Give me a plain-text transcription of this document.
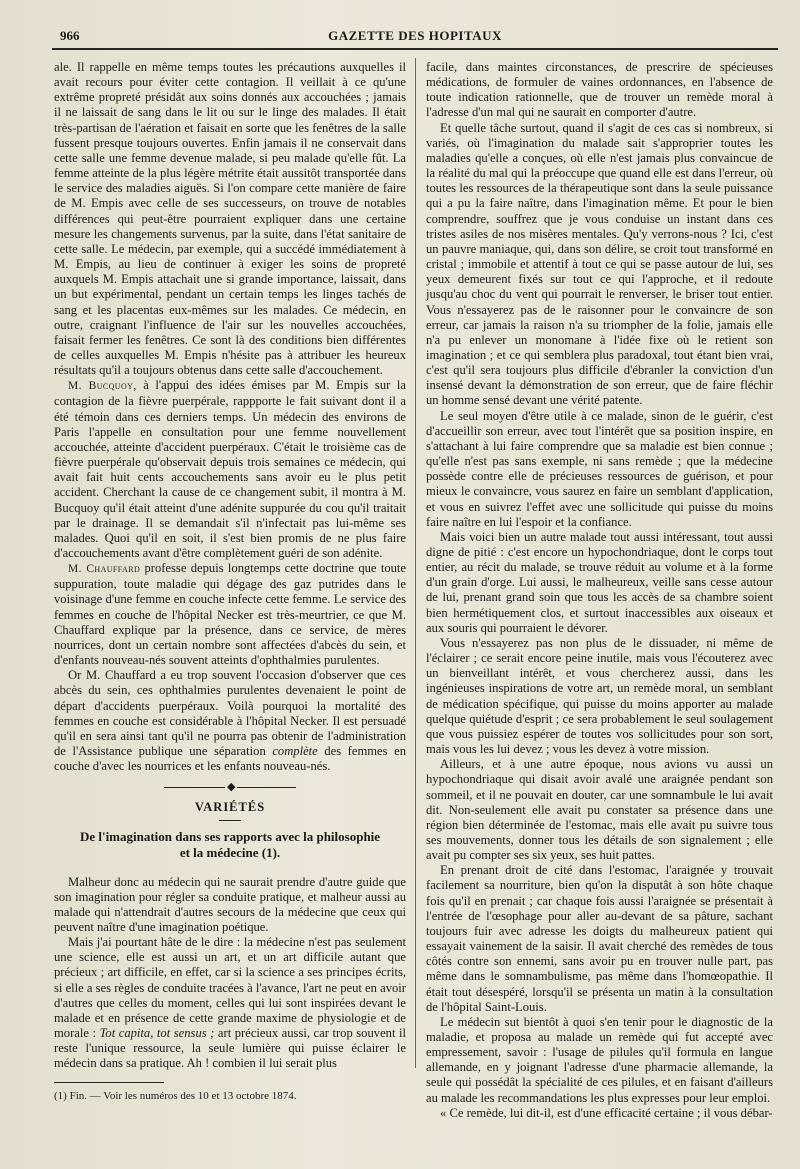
966	GAZETTE DES HOPITAUX

ale. Il rappelle en même temps toutes les précautions auxquelles il avait recours pour éviter cette contagion. Il veillait à ce qu'une extrême propreté présidât aux soins donnés aux accouchées ; jamais il ne laissait de sang dans le lit ou sur le linge des malades. Il était très-partisan de l'aération et faisait en sorte que les fenêtres de la salle fussent presque toujours ouvertes. Enfin jamais il ne conservait dans cette salle une femme devenue malade, si peu malade qu'elle fût. La femme atteinte de la plus légère métrite était aussitôt transportée dans le service des maladies aiguës. Si l'on compare cette manière de faire de M. Empis avec celle de ses successeurs, on trouve de notables différences qui peut-être pourraient expliquer dans une certaine mesure les changements survenus, par la suite, dans l'état sanitaire de cette salle. Le médecin, par exemple, qui a succédé immédiatement à M. Empis, au lieu de continuer à exiger les soins de propreté auxquels M. Empis attachait une si grande importance, laissait, dans un but expérimental, pendant un certain temps les linges tachés de sang et les placentas eux-mêmes sur les malades. Ce médecin, en outre, craignant l'influence de l'air sur les nouvelles accouchées, faisait fermer les fenêtres. Ce sont là des conditions bien différentes de celles auxquelles M. Empis n'hésite pas à attribuer les heureux résultats qu'il a toujours obtenus dans cette salle d'accouchement.

M. Bucquoy, à l'appui des idées émises par M. Empis sur la contagion de la fièvre puerpérale, rappporte le fait suivant dont il a été témoin dans ces derniers temps. Un médecin des environs de Paris l'appelle en consultation pour une femme nouvellement accouchée, atteinte d'accident puerpéraux. C'était le troisième cas de fièvre puerpérale qu'observait depuis trois semaines ce médecin, qui avait fait huit cents accouchements sans avoir eu le plus petit accident. Cherchant la cause de ce changement subit, il montra à M. Bucquoy qu'il était atteint d'une adénite suppurée du cou qu'il traitait par le drainage. Il se demandait s'il n'infectait pas lui-même ses malades. Quoi qu'il en soit, il s'est bien promis de ne plus faire d'accouchements avant d'être complètement guéri de son adénite.

M. Chauffard professe depuis longtemps cette doctrine que toute suppuration, toute maladie qui dégage des gaz putrides dans le voisinage d'une femme en couche infecte cette femme. Le service des femmes en couche de l'hôpital Necker est très-meurtrier, ce que M. Chauffard explique par la présence, dans ce service, de mères nourrices, dont un certain nombre sont affectées d'abcès du sein, et d'enfants nouveau-nés souvent atteints d'ophthalmies purulentes.

Or M. Chauffard a eu trop souvent l'occasion d'observer que ces abcès du sein, ces ophthalmies purulentes devenaient le point de départ d'accidents puerpéraux. Voilà pourquoi la mortalité des femmes en couche est considérable à l'hôpital Necker. Il est persuadé qu'il en sera ainsi tant qu'il ne pourra pas obtenir de l'administration de l'Assistance publique une séparation complète des femmes en couche d'avec les nourrices et les enfants nouveau-nés.

◆
VARIÉTÉS
De l'imagination dans ses rapports avec la philosophie
et la médecine (1).

Malheur donc au médecin qui ne saurait prendre d'autre guide que son imagination pour régler sa conduite pratique, et malheur aussi au malade qui n'attendrait d'autres secours de la médecine que ceux qui peuvent naître d'une imagination poétique.

Mais j'ai pourtant hâte de le dire : la médecine n'est pas seulement une science, elle est aussi un art, et un art difficile autant que précieux ; art difficile, en effet, car si la science a ses principes écrits, si elle a ses règles de conduite tracées à l'avance, l'art ne peut en avoir d'autres que celles du moment, celles qui lui sont inspirées devant le malade et en présence de cette grande maxime de physiologie et de morale : Tot capita, tot sensus ; art précieux aussi, car trop souvent il reste l'unique ressource, la seule lumière qui puisse éclairer le médecin dans sa pratique. Ah ! combien il lui serait plus

(1) Fin. — Voir les numéros des 10 et 13 octobre 1874.

facile, dans maintes circonstances, de prescrire de spécieuses médications, de formuler de vaines ordonnances, en l'absence de toute indication rationnelle, que de trouver un remède moral à l'adresse d'un mal qui ne saurait en comporter d'autre.

Et quelle tâche surtout, quand il s'agit de ces cas si nombreux, si variés, où l'imagination du malade sait s'approprier toutes les maladies qu'elle a conçues, où elle n'est jamais plus convaincue de la réalité du mal qui la préoccupe que quand elle est dans l'erreur, où toutes les ressources de la thérapeutique sont dans la seule puissance qui a pu la faire naître, dans l'imagination même. Et pour le bien comprendre, souffrez que je vous conduise un instant dans ces tristes asiles de nos misères mentales. Qu'y verrons-nous ? Ici, c'est un pauvre maniaque, qui, dans son délire, se croit tout transformé en cristal ; immobile et attentif à tout ce qui se passe autour de lui, ses yeux demeurent fixés sur tout ce qui l'approche, et il redoute jusqu'au choc du vent qui pourrait le renverser, le briser tout entier. Vous n'essayerez pas de le raisonner pour le convaincre de son erreur, car jamais la raison n'a su triompher de la folie, jamais elle n'a pu enlever un monomane à l'idée fixe où le retient son imagination ; et ce qui semblera plus paradoxal, tout étant bien vrai, c'est qu'il sera toujours plus difficile d'ébranler la conviction d'un insensé devant la démonstration de son erreur, que de faire fléchir un homme sensé devant une vérité patente.

Le seul moyen d'être utile à ce malade, sinon de le guérir, c'est d'accueillir son erreur, avec tout l'intérêt que sa position inspire, en s'attachant à lui faire comprendre que sa maladie est bien connue ; qu'elle n'est pas sans exemple, ni sans remède ; que la médecine possède contre elle de précieuses ressources de guérison, et pour mieux le convaincre, vous saurez en faire un semblant d'application, et vous en suivrez l'effet avec une sollicitude qui puisse du moins faire naître en lui l'espoir et la confiance.

Mais voici bien un autre malade tout aussi intéressant, tout aussi digne de pitié : c'est encore un hypochondriaque, dont le corps tout entier, au récit du malade, se trouve réduit au volume et à la forme d'un grain d'orge. Lui aussi, le malheureux, veille sans cesse autour de lui, prenant grand soin que tous les accès de sa chambre soient bien hermétiquement clos, et surtout inaccessibles aux oiseaux et aux souris qui pourraient le dévorer.

Vous n'essayerez pas non plus de le dissuader, ni même de l'éclairer ; ce serait encore peine inutile, mais vous l'écouterez avec un bienveillant intérêt, et vous chercherez aussi, dans les ingénieuses inspirations de votre art, un remède moral, un semblant de médication spécifique, qui puisse du moins apporter au malade quelque quiétude d'esprit ; ce sera probablement le seul soulagement que vous puissiez espérer de toutes vos sollicitudes pour son sort, mais vous les lui devez ; vous les devez à votre mission.

Ailleurs, et à une autre époque, nous avions vu aussi un hypochondriaque qui disait avoir avalé une araignée pendant son sommeil, et il ne pouvait en douter, car une somnambule le lui avait dit. Non-seulement elle avait pu constater sa présence dans une région bien déterminée de l'estomac, mais elle avait pu suivre tous ses mouvements, donner tous les détails de son signalement ; elle avait pu compter ses six yeux, ses huit pattes.

En prenant droit de cité dans l'estomac, l'araignée y trouvait facilement sa nourriture, bien qu'on la disputât à son hôte chaque fois qu'il en prenait ; car chaque fois aussi l'araignée se présentait à l'entrée de l'œsophage pour aller au-devant de sa pâture, sachant toujours fuir avec adresse les doigts du malheureux patient qui essayait vainement de la saisir. Il avait cherché des remèdes de tous côtés contre son ennemi, sans avoir pu en trouver nulle part, pas même dans le somnambulisme, pas même dans l'homœopathie. Il était tout désespéré, lorsqu'il se présenta un matin à la consultation de l'hôpital Saint-Louis.

Le médecin sut bientôt à quoi s'en tenir pour le diagnostic de la maladie, et proposa au malade un remède qui fut accepté avec empressement, savoir : l'usage de pilules qu'il formula en langue allemande, en y joignant l'adresse d'une pharmacie allemande, la seule qui possédât la spécialité de ces pilules, et en faisant d'ailleurs au malade les recommandations les plus expresses pour leur emploi.

« Ce remède, lui dit-il, est d'une efficacité certaine ; il vous débar-
